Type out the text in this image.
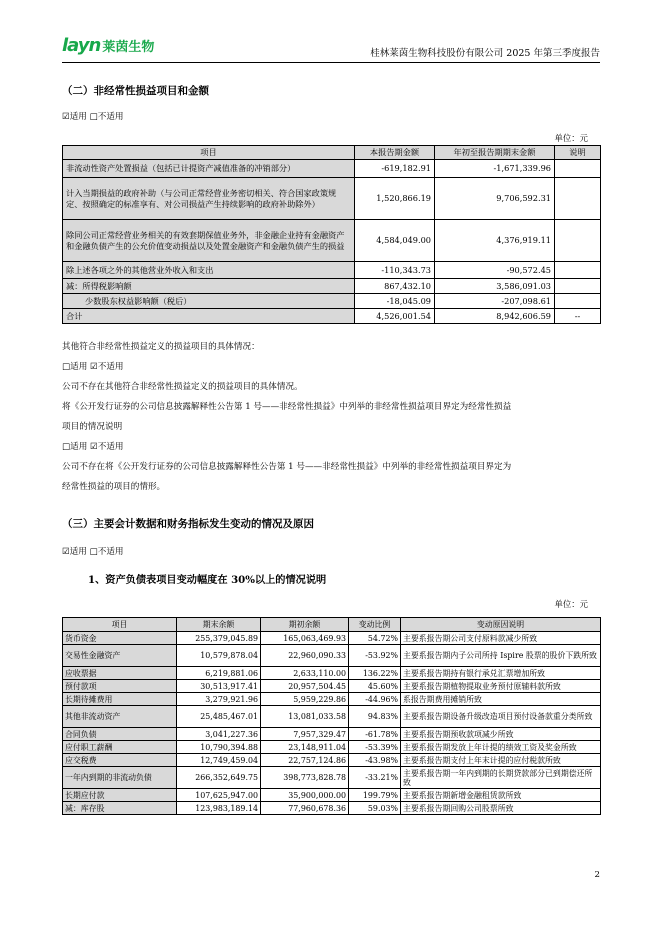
layn 莱茵生物	桂林莱茵生物科技股份有限公司 2025 年第三季度报告
（二）非经常性损益项目和金额
☑适用 □不适用
单位：元
项目	本报告期金额	年初至报告期期末金额	说明
非流动性资产处置损益（包括已计提资产减值准备的冲销部分）	-619,182.91	-1,671,339.96	
计入当期损益的政府补助（与公司正常经营业务密切相关、符合国家政策规定、按照确定的标准享有、对公司损益产生持续影响的政府补助除外）	1,520,866.19	9,706,592.31	
除同公司正常经营业务相关的有效套期保值业务外，非金融企业持有金融资产和金融负债产生的公允价值变动损益以及处置金融资产和金融负债产生的损益	4,584,049.00	4,376,919.11	
除上述各项之外的其他营业外收入和支出	-110,343.73	-90,572.45	
减：所得税影响额	867,432.10	3,586,091.03	
少数股东权益影响额（税后）	-18,045.09	-207,098.61	
合计	4,526,001.54	8,942,606.59	--
其他符合非经常性损益定义的损益项目的具体情况：
□适用 ☑不适用
公司不存在其他符合非经常性损益定义的损益项目的具体情况。
将《公开发行证券的公司信息披露解释性公告第 1 号——非经常性损益》中列举的非经常性损益项目界定为经常性损益
项目的情况说明
□适用 ☑不适用
公司不存在将《公开发行证券的公司信息披露解释性公告第 1 号——非经常性损益》中列举的非经常性损益项目界定为
经常性损益的项目的情形。
（三）主要会计数据和财务指标发生变动的情况及原因
☑适用 □不适用
1、资产负债表项目变动幅度在 30%以上的情况说明
单位：元
项目	期末余额	期初余额	变动比例	变动原因说明
货币资金	255,379,045.89	165,063,469.93	54.72%	主要系报告期公司支付原料款减少所致
交易性金融资产	10,579,878.04	22,960,090.33	-53.92%	主要系报告期内子公司所持 Ispire 股票的股价下跌所致
应收票据	6,219,881.06	2,633,110.00	136.22%	主要系报告期持有银行承兑汇票增加所致
预付款项	30,513,917.41	20,957,504.45	45.60%	主要系报告期植物提取业务预付原辅料款所致
长期待摊费用	3,279,921.96	5,959,229.86	-44.96%	系报告期费用摊销所致
其他非流动资产	25,485,467.01	13,081,033.58	94.83%	主要系报告期设备升级改造项目预付设备款重分类所致
合同负债	3,041,227.36	7,957,329.47	-61.78%	主要系报告期预收款项减少所致
应付职工薪酬	10,790,394.88	23,148,911.04	-53.39%	主要系报告期发放上年计提的绩效工资及奖金所致
应交税费	12,749,459.04	22,757,124.86	-43.98%	主要系报告期支付上年末计提的应付税款所致
一年内到期的非流动负债	266,352,649.75	398,773,828.78	-33.21%	主要系报告期一年内到期的长期贷款部分已到期偿还所致
长期应付款	107,625,947.00	35,900,000.00	199.79%	主要系报告期新增金融租赁款所致
减：库存股	123,983,189.14	77,960,678.36	59.03%	主要系报告期回购公司股票所致
2
